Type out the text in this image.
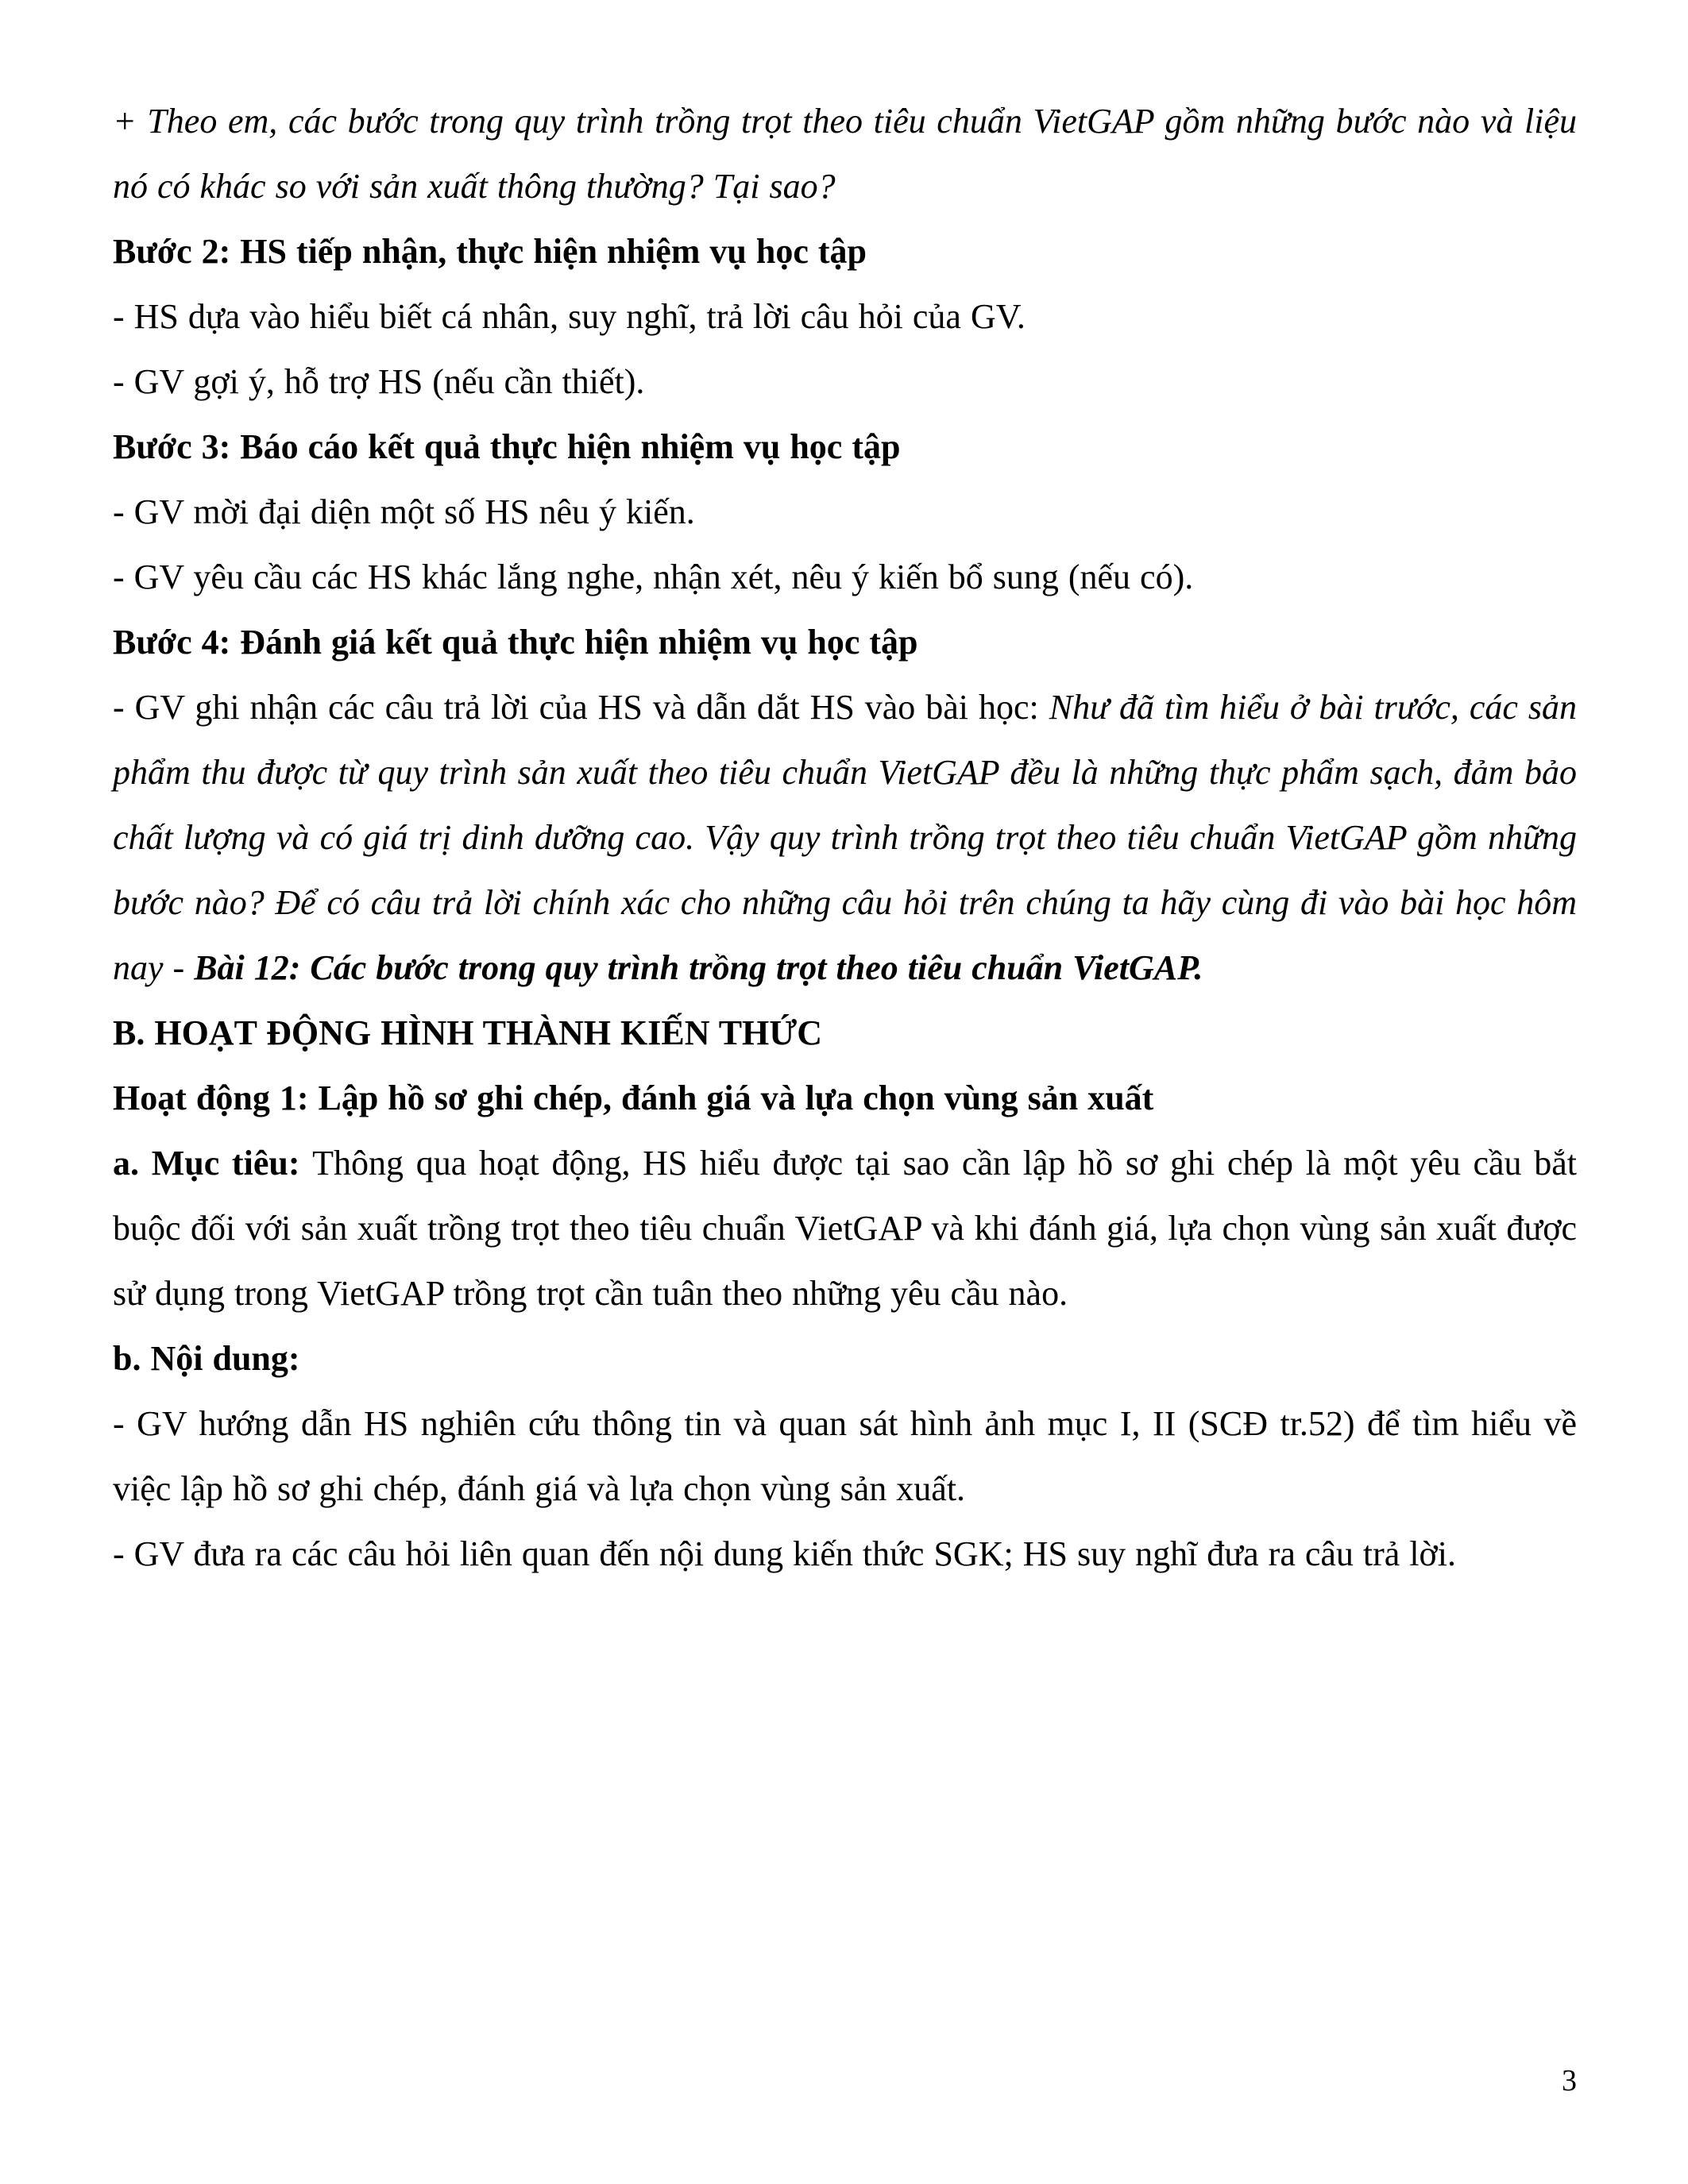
+ Theo em, các bước trong quy trình trồng trọt theo tiêu chuẩn VietGAP gồm những bước nào và liệu nó có khác so với sản xuất thông thường? Tại sao?

Bước 2: HS tiếp nhận, thực hiện nhiệm vụ học tập

- HS dựa vào hiểu biết cá nhân, suy nghĩ, trả lời câu hỏi của GV.

- GV gợi ý, hỗ trợ HS (nếu cần thiết).

Bước 3: Báo cáo kết quả thực hiện nhiệm vụ học tập

- GV mời đại diện một số HS nêu ý kiến.

- GV yêu cầu các HS khác lắng nghe, nhận xét, nêu ý kiến bổ sung (nếu có).

Bước 4: Đánh giá kết quả thực hiện nhiệm vụ học tập

- GV ghi nhận các câu trả lời của HS và dẫn dắt HS vào bài học: Như đã tìm hiểu ở bài trước, các sản phẩm thu được từ quy trình sản xuất theo tiêu chuẩn VietGAP đều là những thực phẩm sạch, đảm bảo chất lượng và có giá trị dinh dưỡng cao. Vậy quy trình trồng trọt theo tiêu chuẩn VietGAP gồm những bước nào? Để có câu trả lời chính xác cho những câu hỏi trên chúng ta hãy cùng đi vào bài học hôm nay - Bài 12: Các bước trong quy trình trồng trọt theo tiêu chuẩn VietGAP.

B. HOẠT ĐỘNG HÌNH THÀNH KIẾN THỨC

Hoạt động 1: Lập hồ sơ ghi chép, đánh giá và lựa chọn vùng sản xuất

a. Mục tiêu: Thông qua hoạt động, HS hiểu được tại sao cần lập hồ sơ ghi chép là một yêu cầu bắt buộc đối với sản xuất trồng trọt theo tiêu chuẩn VietGAP và khi đánh giá, lựa chọn vùng sản xuất được sử dụng trong VietGAP trồng trọt cần tuân theo những yêu cầu nào.

b. Nội dung:

- GV hướng dẫn HS nghiên cứu thông tin và quan sát hình ảnh mục I, II (SCĐ tr.52) để tìm hiểu về việc lập hồ sơ ghi chép, đánh giá và lựa chọn vùng sản xuất.

- GV đưa ra các câu hỏi liên quan đến nội dung kiến thức SGK; HS suy nghĩ đưa ra câu trả lời.

3
